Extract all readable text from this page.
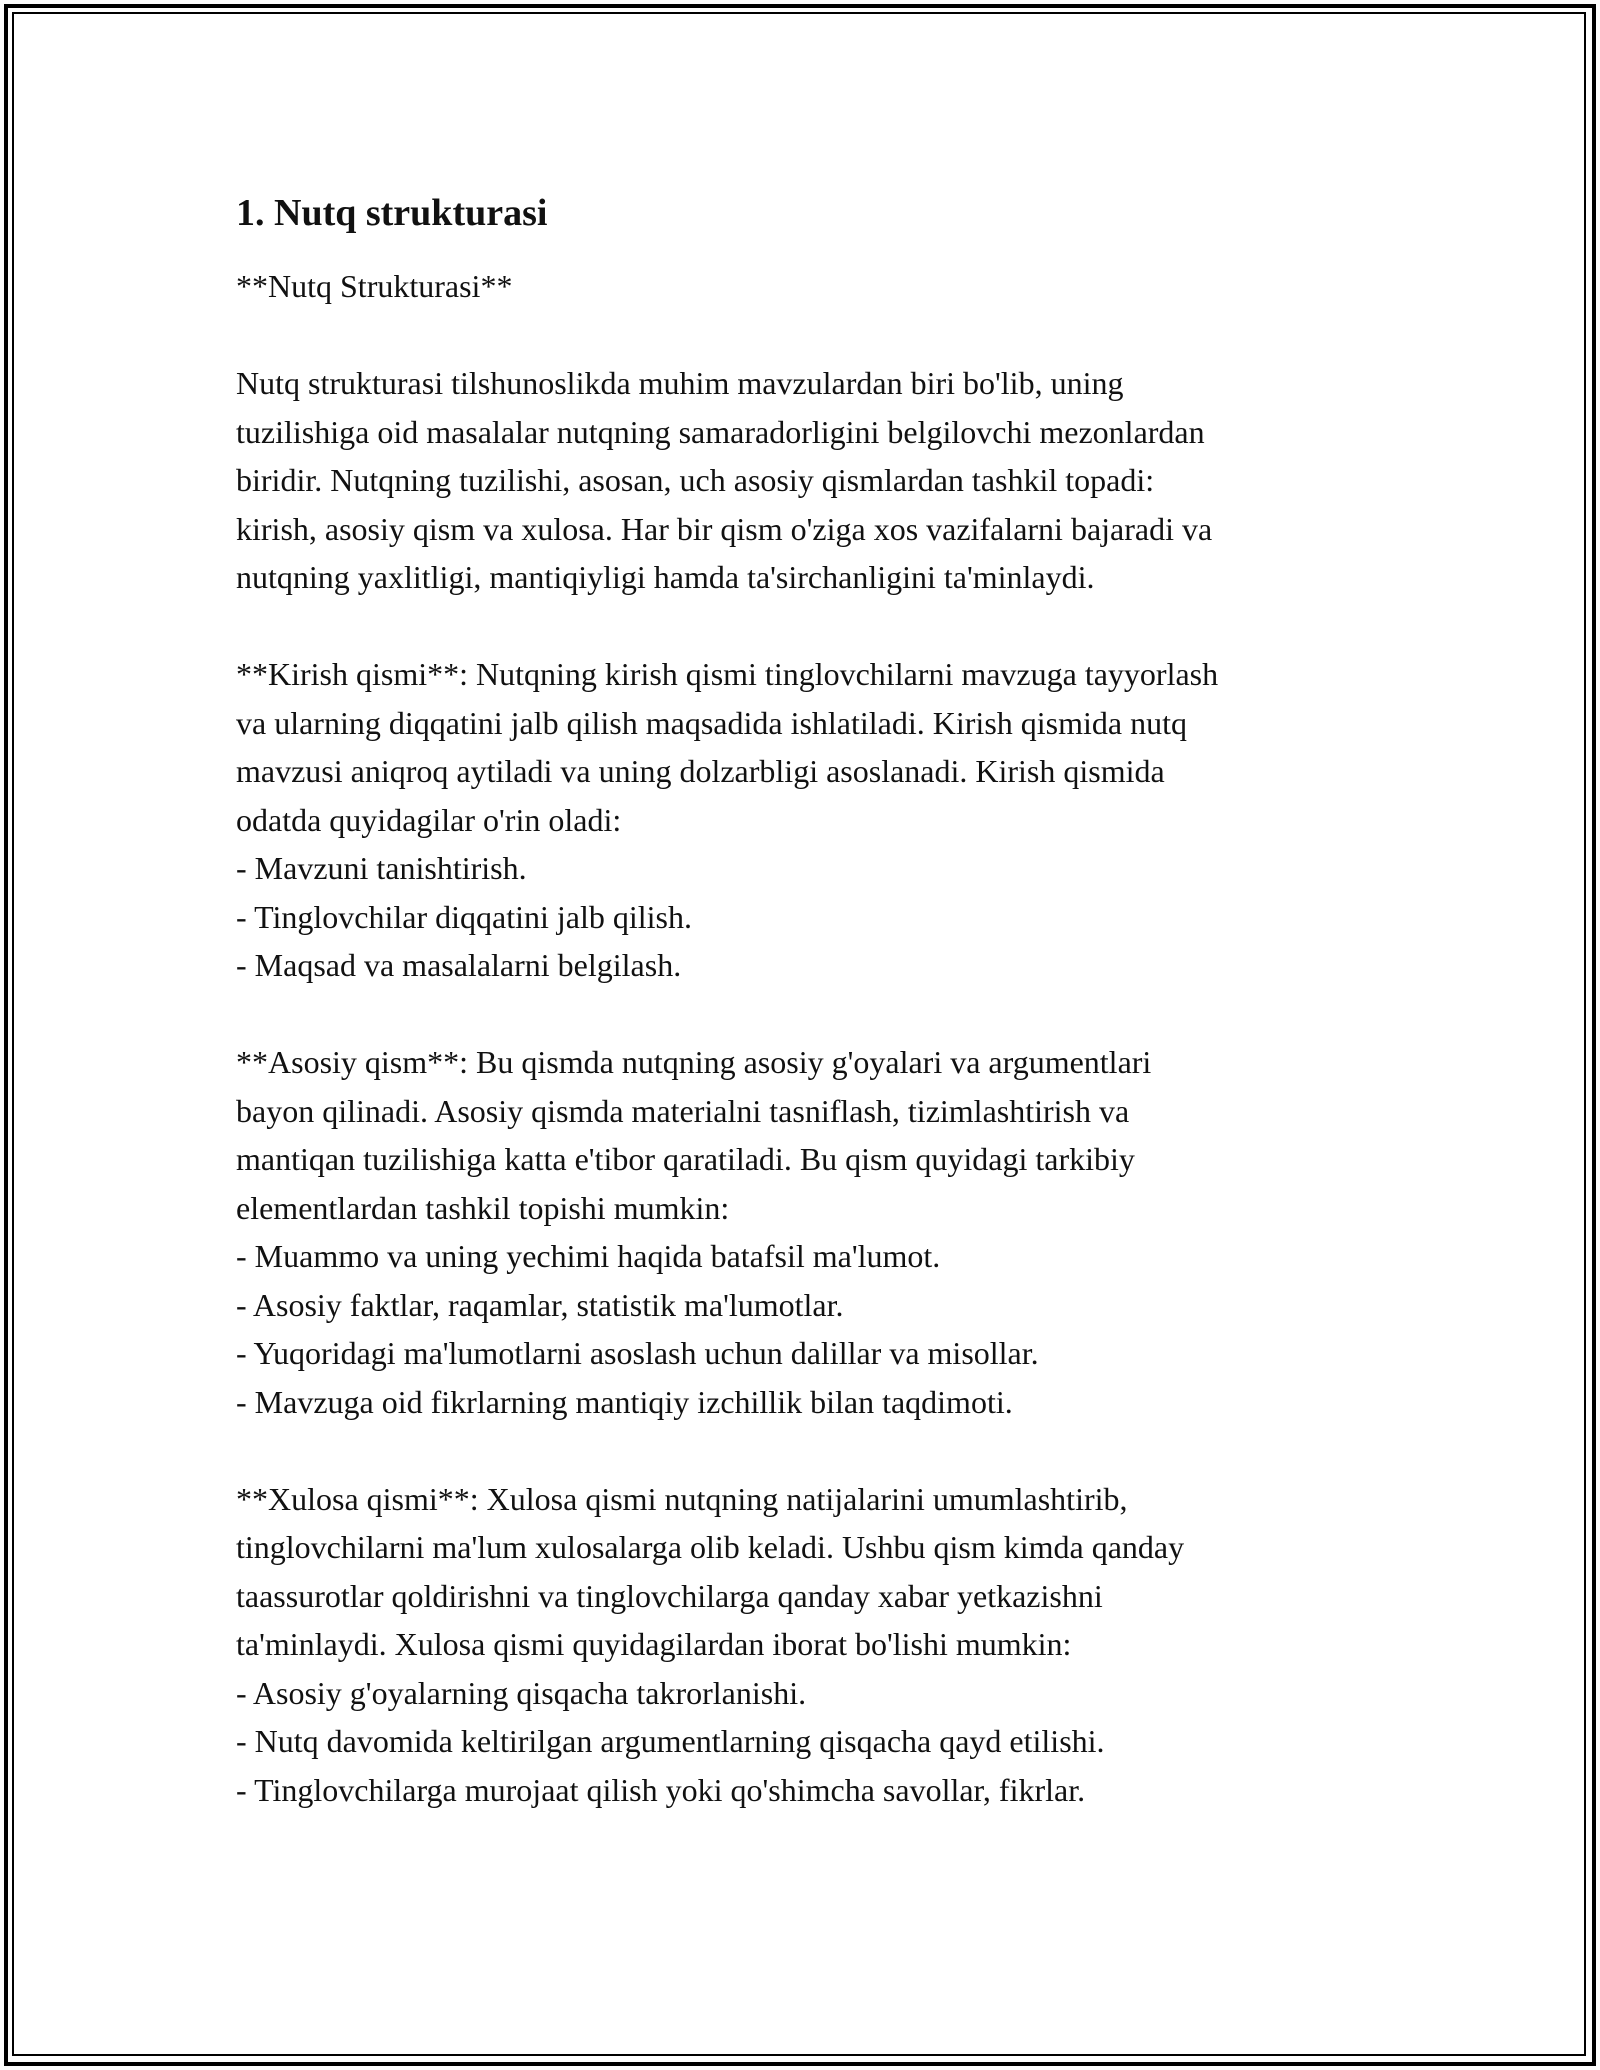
1. Nutq strukturasi
**Nutq Strukturasi**
Nutq strukturasi tilshunoslikda muhim mavzulardan biri bo'lib, uning
tuzilishiga oid masalalar nutqning samaradorligini belgilovchi mezonlardan
biridir. Nutqning tuzilishi, asosan, uch asosiy qismlardan tashkil topadi:
kirish, asosiy qism va xulosa. Har bir qism o'ziga xos vazifalarni bajaradi va
nutqning yaxlitligi, mantiqiyligi hamda ta'sirchanligini ta'minlaydi.
**Kirish qismi**: Nutqning kirish qismi tinglovchilarni mavzuga tayyorlash
va ularning diqqatini jalb qilish maqsadida ishlatiladi. Kirish qismida nutq
mavzusi aniqroq aytiladi va uning dolzarbligi asoslanadi. Kirish qismida
odatda quyidagilar o'rin oladi:
- Mavzuni tanishtirish.
- Tinglovchilar diqqatini jalb qilish.
- Maqsad va masalalarni belgilash.
**Asosiy qism**: Bu qismda nutqning asosiy g'oyalari va argumentlari
bayon qilinadi. Asosiy qismda materialni tasniflash, tizimlashtirish va
mantiqan tuzilishiga katta e'tibor qaratiladi. Bu qism quyidagi tarkibiy
elementlardan tashkil topishi mumkin:
- Muammo va uning yechimi haqida batafsil ma'lumot.
- Asosiy faktlar, raqamlar, statistik ma'lumotlar.
- Yuqoridagi ma'lumotlarni asoslash uchun dalillar va misollar.
- Mavzuga oid fikrlarning mantiqiy izchillik bilan taqdimoti.
**Xulosa qismi**: Xulosa qismi nutqning natijalarini umumlashtirib,
tinglovchilarni ma'lum xulosalarga olib keladi. Ushbu qism kimda qanday
taassurotlar qoldirishni va tinglovchilarga qanday xabar yetkazishni
ta'minlaydi. Xulosa qismi quyidagilardan iborat bo'lishi mumkin:
- Asosiy g'oyalarning qisqacha takrorlanishi.
- Nutq davomida keltirilgan argumentlarning qisqacha qayd etilishi.
- Tinglovchilarga murojaat qilish yoki qo'shimcha savollar, fikrlar.
